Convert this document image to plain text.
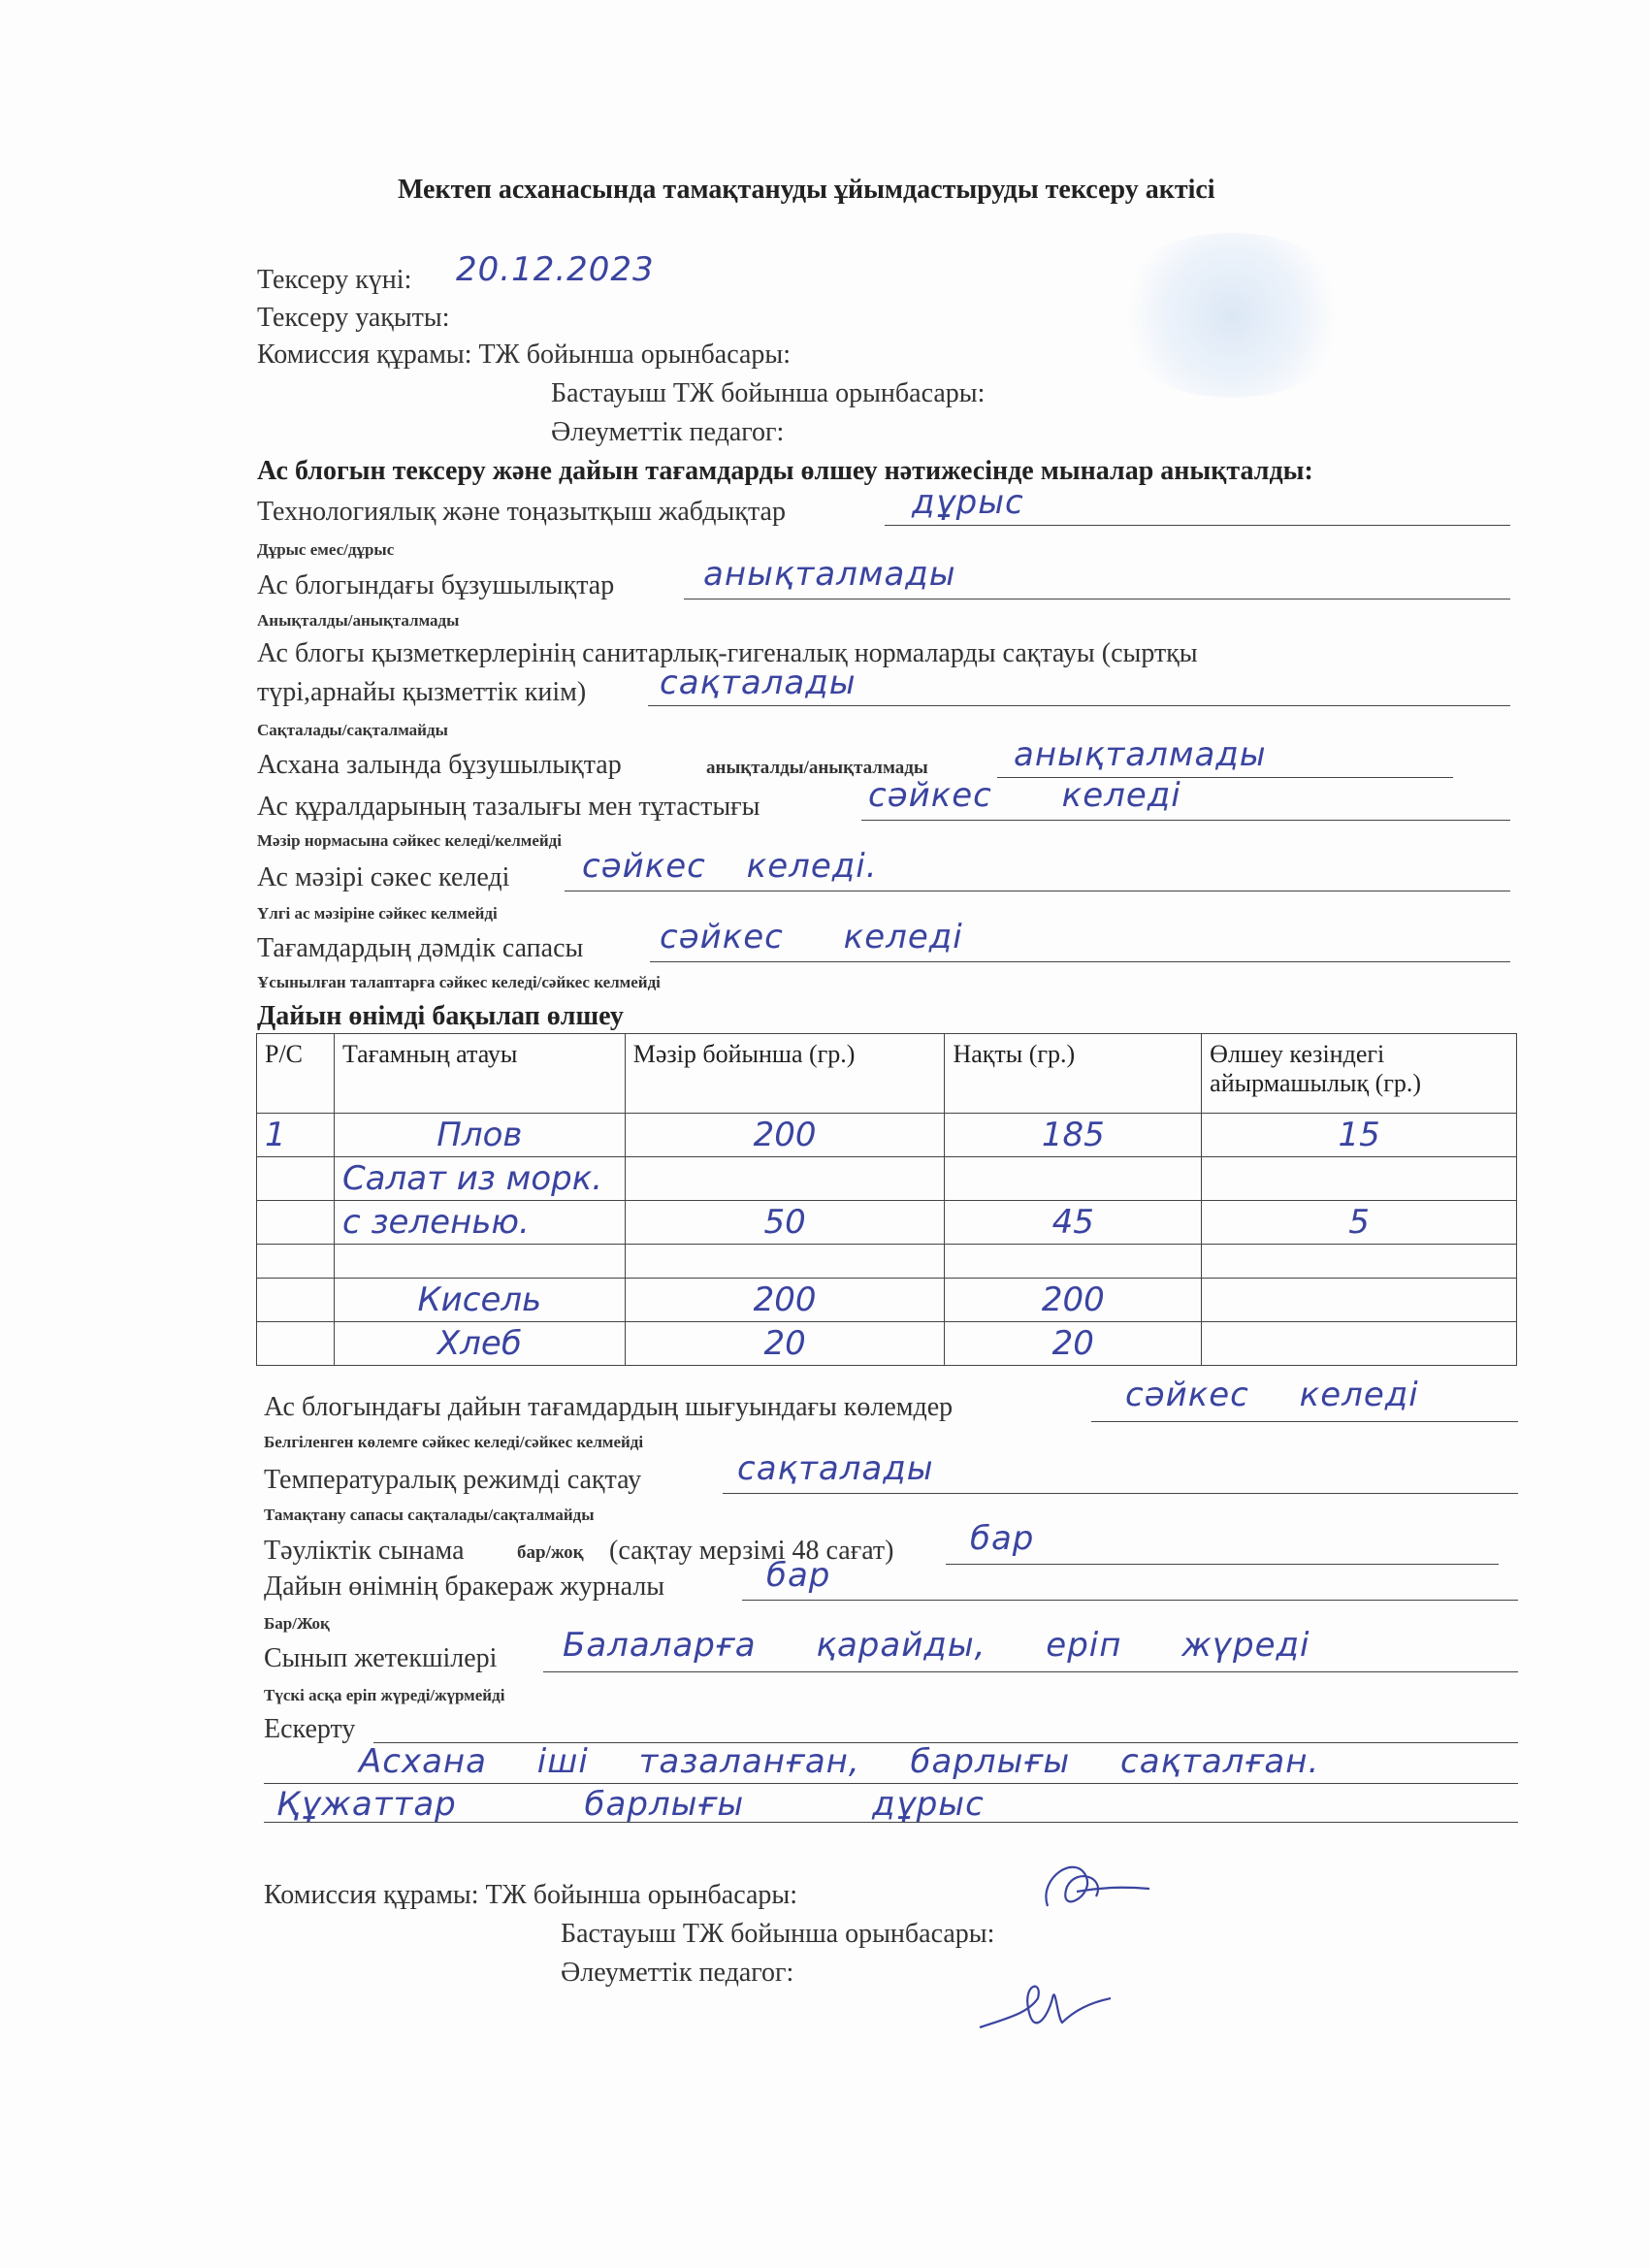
Мектеп асханасында тамақтануды ұйымдастыруды тексеру актісі
Тексеру күні: 20.12.2023
Тексеру уақыты:
Комиссия құрамы: ТЖ бойынша орынбасары:
Бастауыш ТЖ бойынша орынбасары:
Әлеуметтік педагог:
Ас блогын тексеру және дайын тағамдарды өлшеу нәтижесінде мыналар анықталды:
Технологиялық және тоңазытқыш жабдықтар	дұрыс
Дұрыс емес/дұрыс
Ас блогындағы бұзушылықтар	анықталмады
Анықталды/анықталмады
Ас блогы қызметкерлерінің санитарлық-гигеналық нормаларды сақтауы (сыртқы
түрі,арнайы қызметтік киім) сақталады
Сақталады/сақталмайды
Асхана залында бұзушылықтар	анықталды/анықталмады	анықталмады
Ас құралдарының тазалығы мен тұтастығы	сәйкес келеді
Мәзір нормасына сәйкес келеді/келмейді
Ас мәзірі сәкес келеді сәйкес келеді.
Үлгі ас мәзіріне сәйкес келмейді
Тағамдардың дәмдік сапасы сәйкес келеді
Ұсынылған талаптарға сәйкес келеді/сәйкес келмейді
Дайын өнімді бақылап өлшеу
Р/С	Тағамның атауы	Мәзір бойынша (гр.)	Нақты (гр.)	Өлшеу кезіндегі айырмашылық (гр.)
1	Плов	200	185	15
	Салат из морк.			
	с зеленью.	50	45	5

	Кисель	200	200	
	Хлеб	20	20	
Ас блогындағы дайын тағамдардың шығуындағы көлемдер	сәйкес келеді
Белгіленген көлемге сәйкес келеді/сәйкес келмейді
Температуралық режимді сақтау	сақталады
Тамақтану сапасы сақталады/сақталмайды
Тәуліктік сынама	бар/жоқ (сақтау мерзімі 48 сағат) бар
Дайын өнімнің бракераж журналы	бар
Бар/Жоқ
Сынып жетекшілері Балаларға қарайды, еріп жүреді
Түскі асқа еріп жүреді/жүрмейді
Ескерту
Асхана іші тазаланған, барлығы сақталған.
Құжаттар барлығы дұрыс
Комиссия құрамы: ТЖ бойынша орынбасары:
Бастауыш ТЖ бойынша орынбасары:
Әлеуметтік педагог:
